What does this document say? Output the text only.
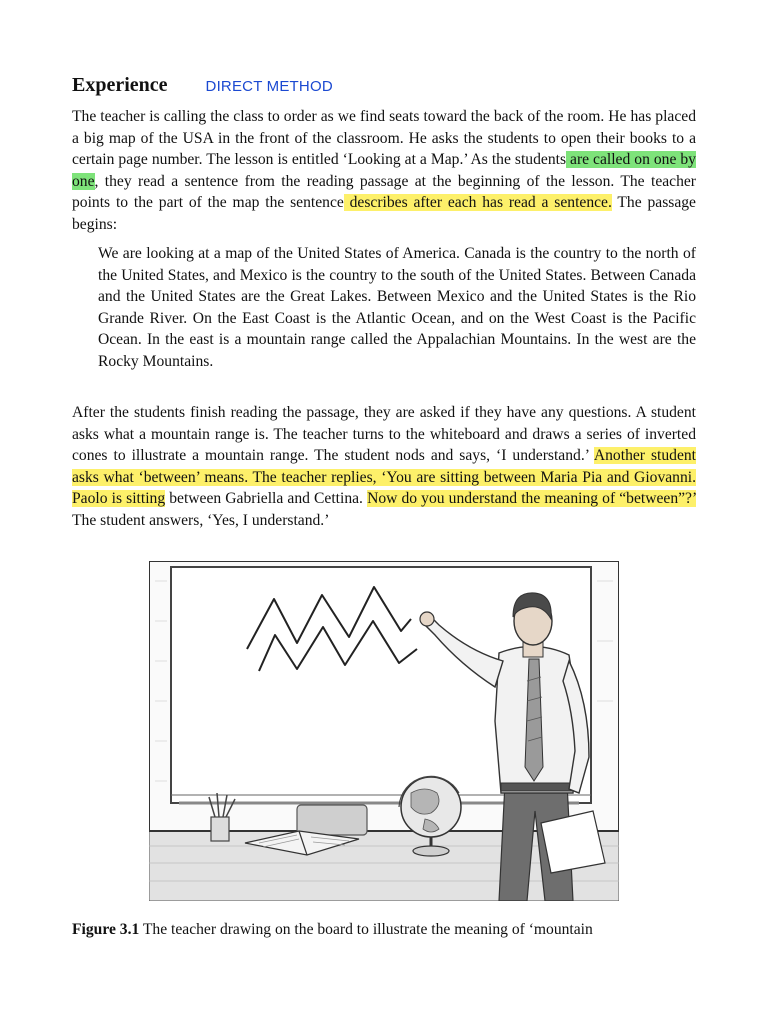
Experience	DIRECT METHOD

The teacher is calling the class to order as we find seats toward the back of the room. He has placed a big map of the USA in the front of the classroom. He asks the students to open their books to a certain page number. The lesson is entitled ‘Looking at a Map.’ As the students are called on one by one, they read a sentence from the reading passage at the beginning of the lesson. The teacher points to the part of the map the sentence describes after each has read a sentence. The passage begins:

We are looking at a map of the United States of America. Canada is the country to the north of the United States, and Mexico is the country to the south of the United States. Between Canada and the United States are the Great Lakes. Between Mexico and the United States is the Rio Grande River. On the East Coast is the Atlantic Ocean, and on the West Coast is the Pacific Ocean. In the east is a mountain range called the Appalachian Mountains. In the west are the Rocky Mountains.

After the students finish reading the passage, they are asked if they have any questions. A student asks what a mountain range is. The teacher turns to the whiteboard and draws a series of inverted cones to illustrate a mountain range. The student nods and says, ‘I understand.’ Another student asks what ‘between’ means. The teacher replies, ‘You are sitting between Maria Pia and Giovanni. Paolo is sitting between Gabriella and Cettina. Now do you understand the meaning of “between”?’ The student answers, ‘Yes, I understand.’

Figure 3.1 The teacher drawing on the board to illustrate the meaning of ‘mountain
